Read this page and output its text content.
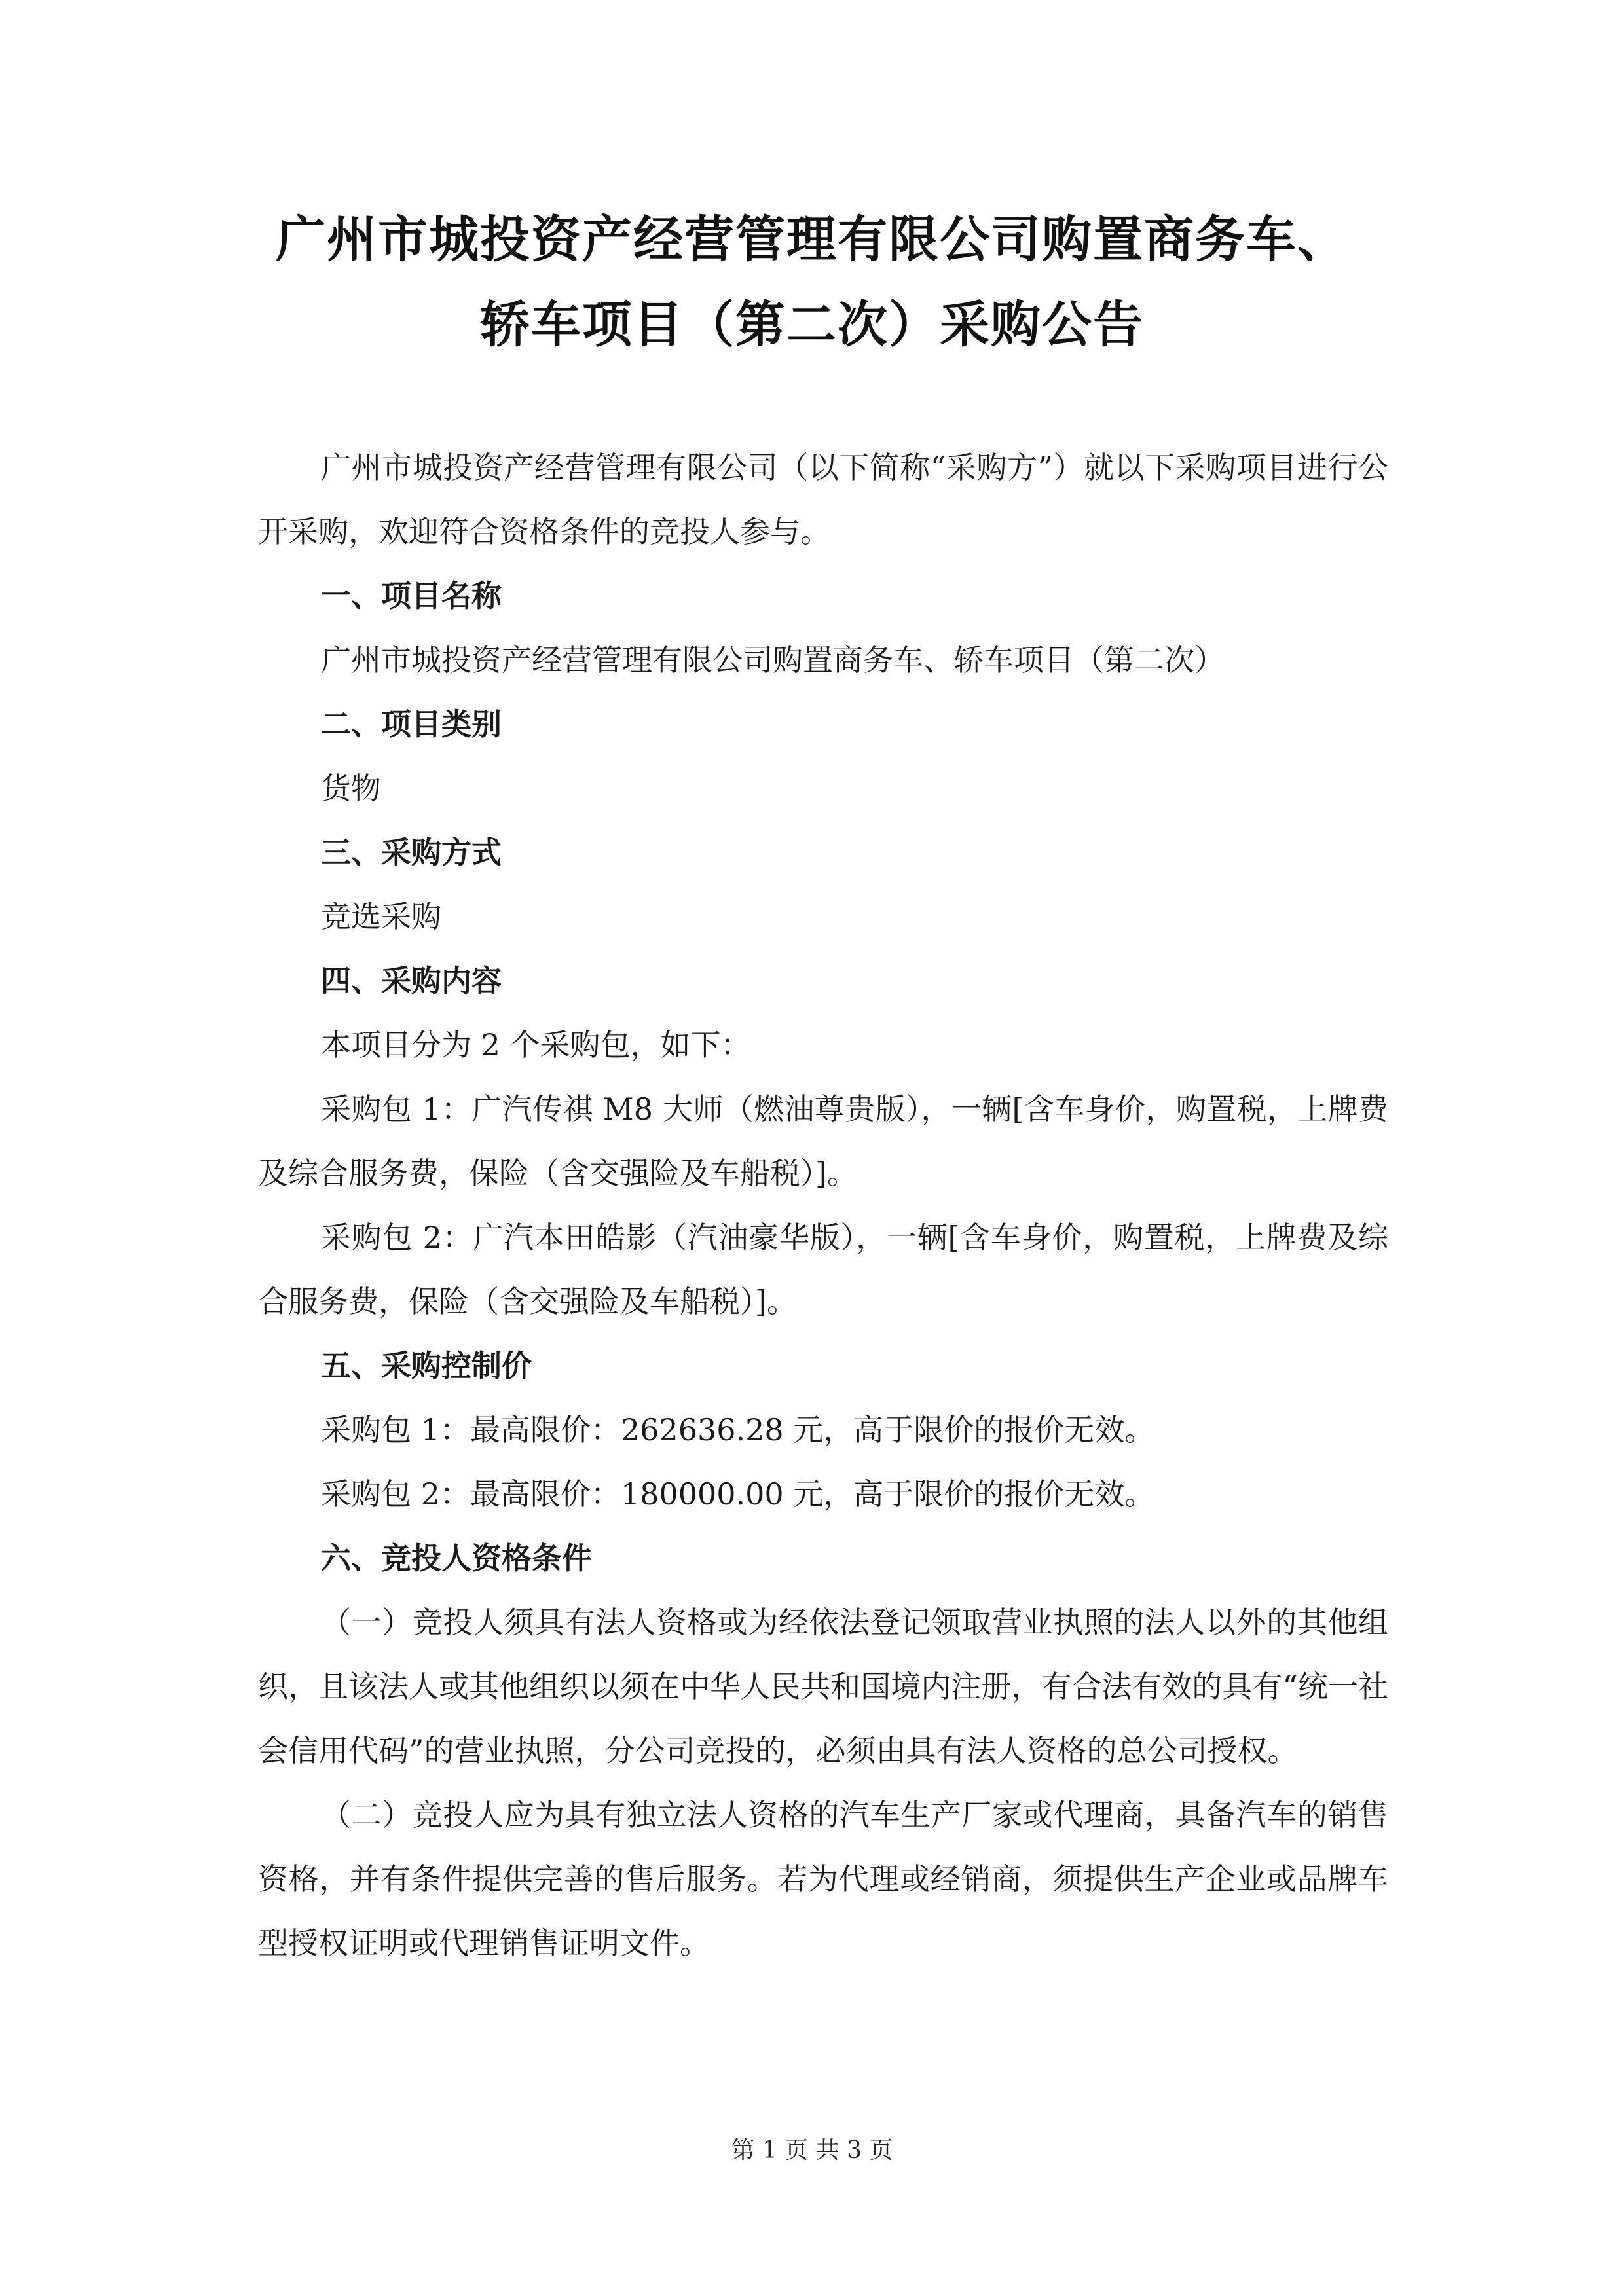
广州市城投资产经营管理有限公司购置商务车、
轿车项目（第二次）采购公告

广州市城投资产经营管理有限公司（以下简称“采购方”）就以下采购项目进行公开采购，欢迎符合资格条件的竞投人参与。

一、项目名称

广州市城投资产经营管理有限公司购置商务车、轿车项目（第二次）

二、项目类别

货物

三、采购方式

竞选采购

四、采购内容

本项目分为 2 个采购包，如下：

采购包 1：广汽传祺 M8 大师（燃油尊贵版），一辆[含车身价，购置税，上牌费及综合服务费，保险（含交强险及车船税）]。

采购包 2：广汽本田皓影（汽油豪华版），一辆[含车身价，购置税，上牌费及综合服务费，保险（含交强险及车船税）]。

五、采购控制价

采购包 1：最高限价：262636.28 元，高于限价的报价无效。

采购包 2：最高限价：180000.00 元，高于限价的报价无效。

六、竞投人资格条件

（一）竞投人须具有法人资格或为经依法登记领取营业执照的法人以外的其他组织，且该法人或其他组织以须在中华人民共和国境内注册，有合法有效的具有“统一社会信用代码”的营业执照，分公司竞投的，必须由具有法人资格的总公司授权。

（二）竞投人应为具有独立法人资格的汽车生产厂家或代理商，具备汽车的销售资格，并有条件提供完善的售后服务。若为代理或经销商，须提供生产企业或品牌车型授权证明或代理销售证明文件。

第 1 页 共 3 页
